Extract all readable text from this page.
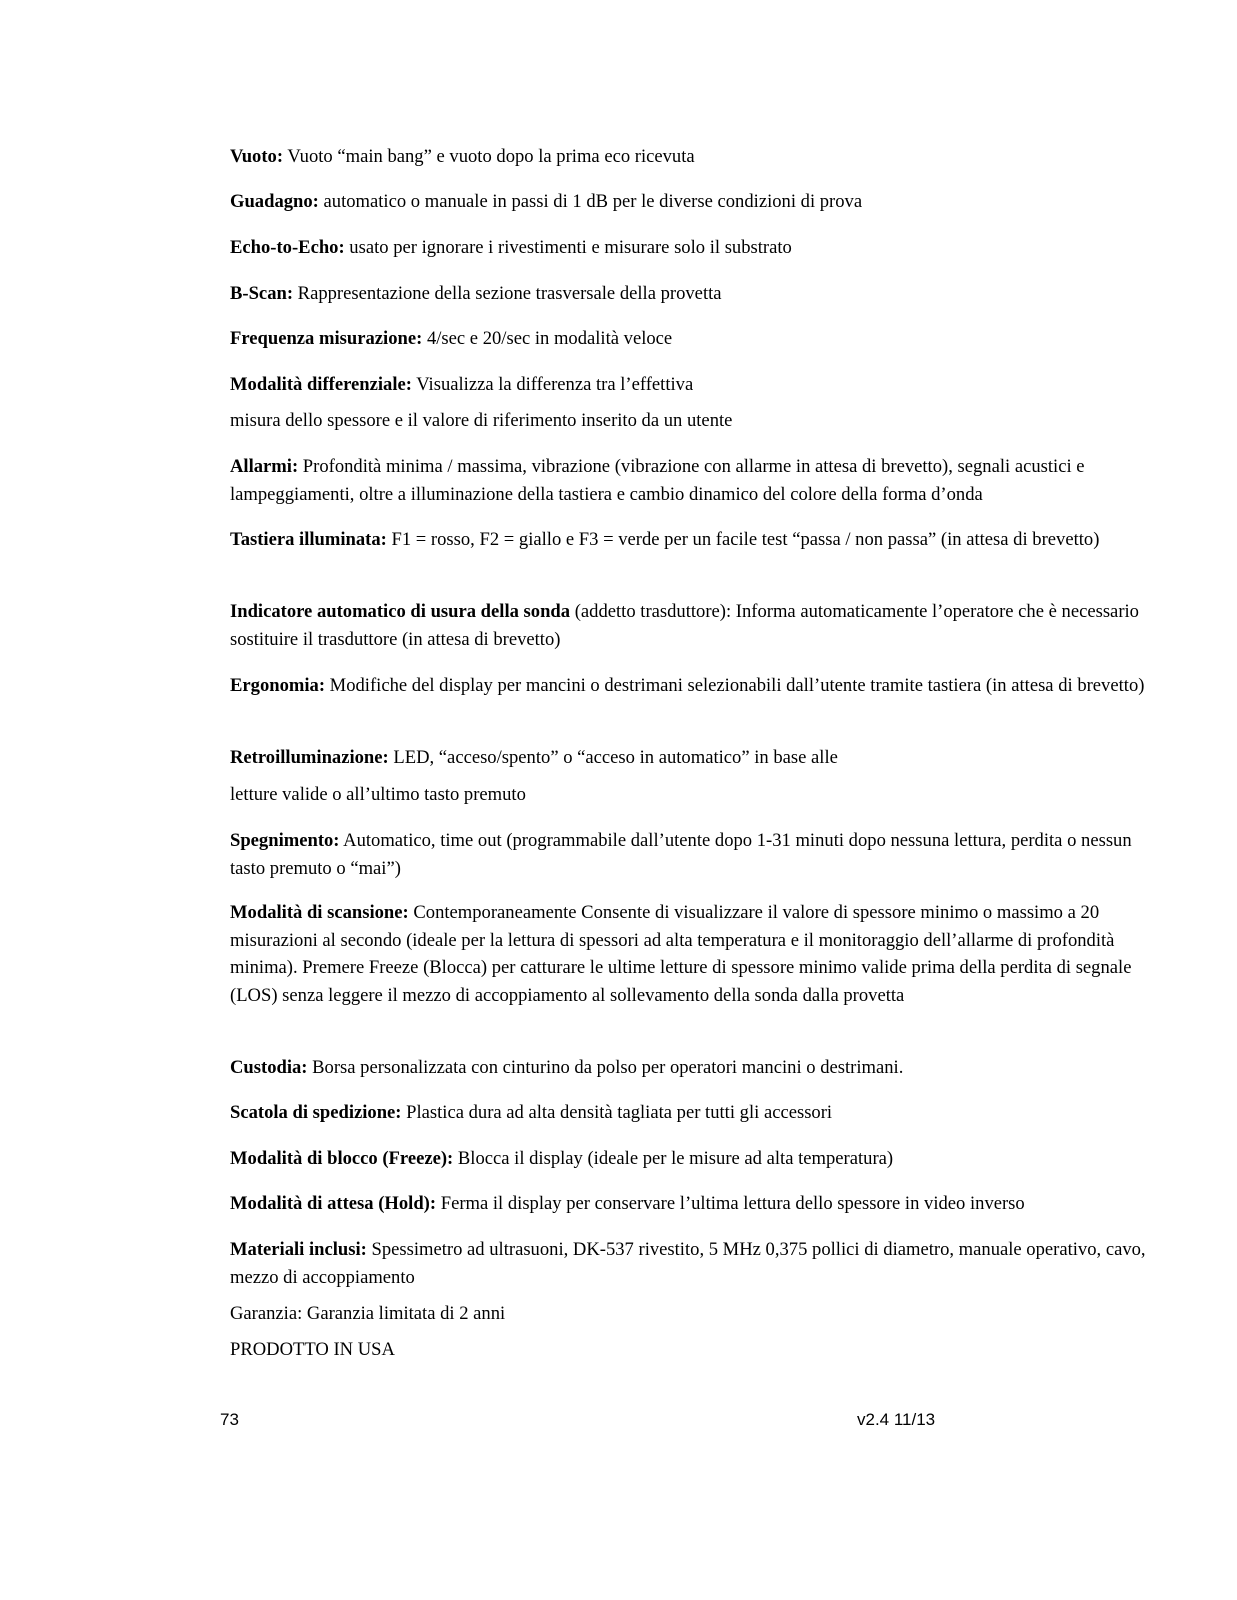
Vuoto: Vuoto “main bang” e vuoto dopo la prima eco ricevuta

Guadagno: automatico o manuale in passi di 1 dB per le diverse condizioni di prova

Echo-to-Echo: usato per ignorare i rivestimenti e misurare solo il substrato

B-Scan: Rappresentazione della sezione trasversale della provetta

Frequenza misurazione: 4/sec e 20/sec in modalità veloce

Modalità differenziale: Visualizza la differenza tra l’effettiva

misura dello spessore e il valore di riferimento inserito da un utente

Allarmi: Profondità minima / massima, vibrazione (vibrazione con allarme in attesa di brevetto), segnali acustici e lampeggiamenti, oltre a illuminazione della tastiera e cambio dinamico del colore della forma d’onda

Tastiera illuminata: F1 = rosso, F2 = giallo e F3 = verde per un facile test “passa / non passa” (in attesa di brevetto)

Indicatore automatico di usura della sonda (addetto trasduttore): Informa automaticamente l’operatore che è necessario sostituire il trasduttore (in attesa di brevetto)

Ergonomia: Modifiche del display per mancini o destrimani selezionabili dall’utente tramite tastiera (in attesa di brevetto)

Retroilluminazione: LED, “acceso/spento” o “acceso in automatico” in base alle

letture valide o all’ultimo tasto premuto

Spegnimento: Automatico, time out (programmabile dall’utente dopo 1-31 minuti dopo nessuna lettura, perdita o nessun tasto premuto o “mai”)

Modalità di scansione: Contemporaneamente Consente di visualizzare il valore di spessore minimo o massimo a 20 misurazioni al secondo (ideale per la lettura di spessori ad alta temperatura e il monitoraggio dell’allarme di profondità minima). Premere Freeze (Blocca) per catturare le ultime letture di spessore minimo valide prima della perdita di segnale (LOS) senza leggere il mezzo di accoppiamento al sollevamento della sonda dalla provetta

Custodia: Borsa personalizzata con cinturino da polso per operatori mancini o destrimani.

Scatola di spedizione: Plastica dura ad alta densità tagliata per tutti gli accessori

Modalità di blocco (Freeze): Blocca il display (ideale per le misure ad alta temperatura)

Modalità di attesa (Hold): Ferma il display per conservare l’ultima lettura dello spessore in video inverso

Materiali inclusi: Spessimetro ad ultrasuoni, DK-537 rivestito, 5 MHz 0,375 pollici di diametro, manuale operativo, cavo, mezzo di accoppiamento

Garanzia: Garanzia limitata di 2 anni

PRODOTTO IN USA

73	v2.4 11/13
